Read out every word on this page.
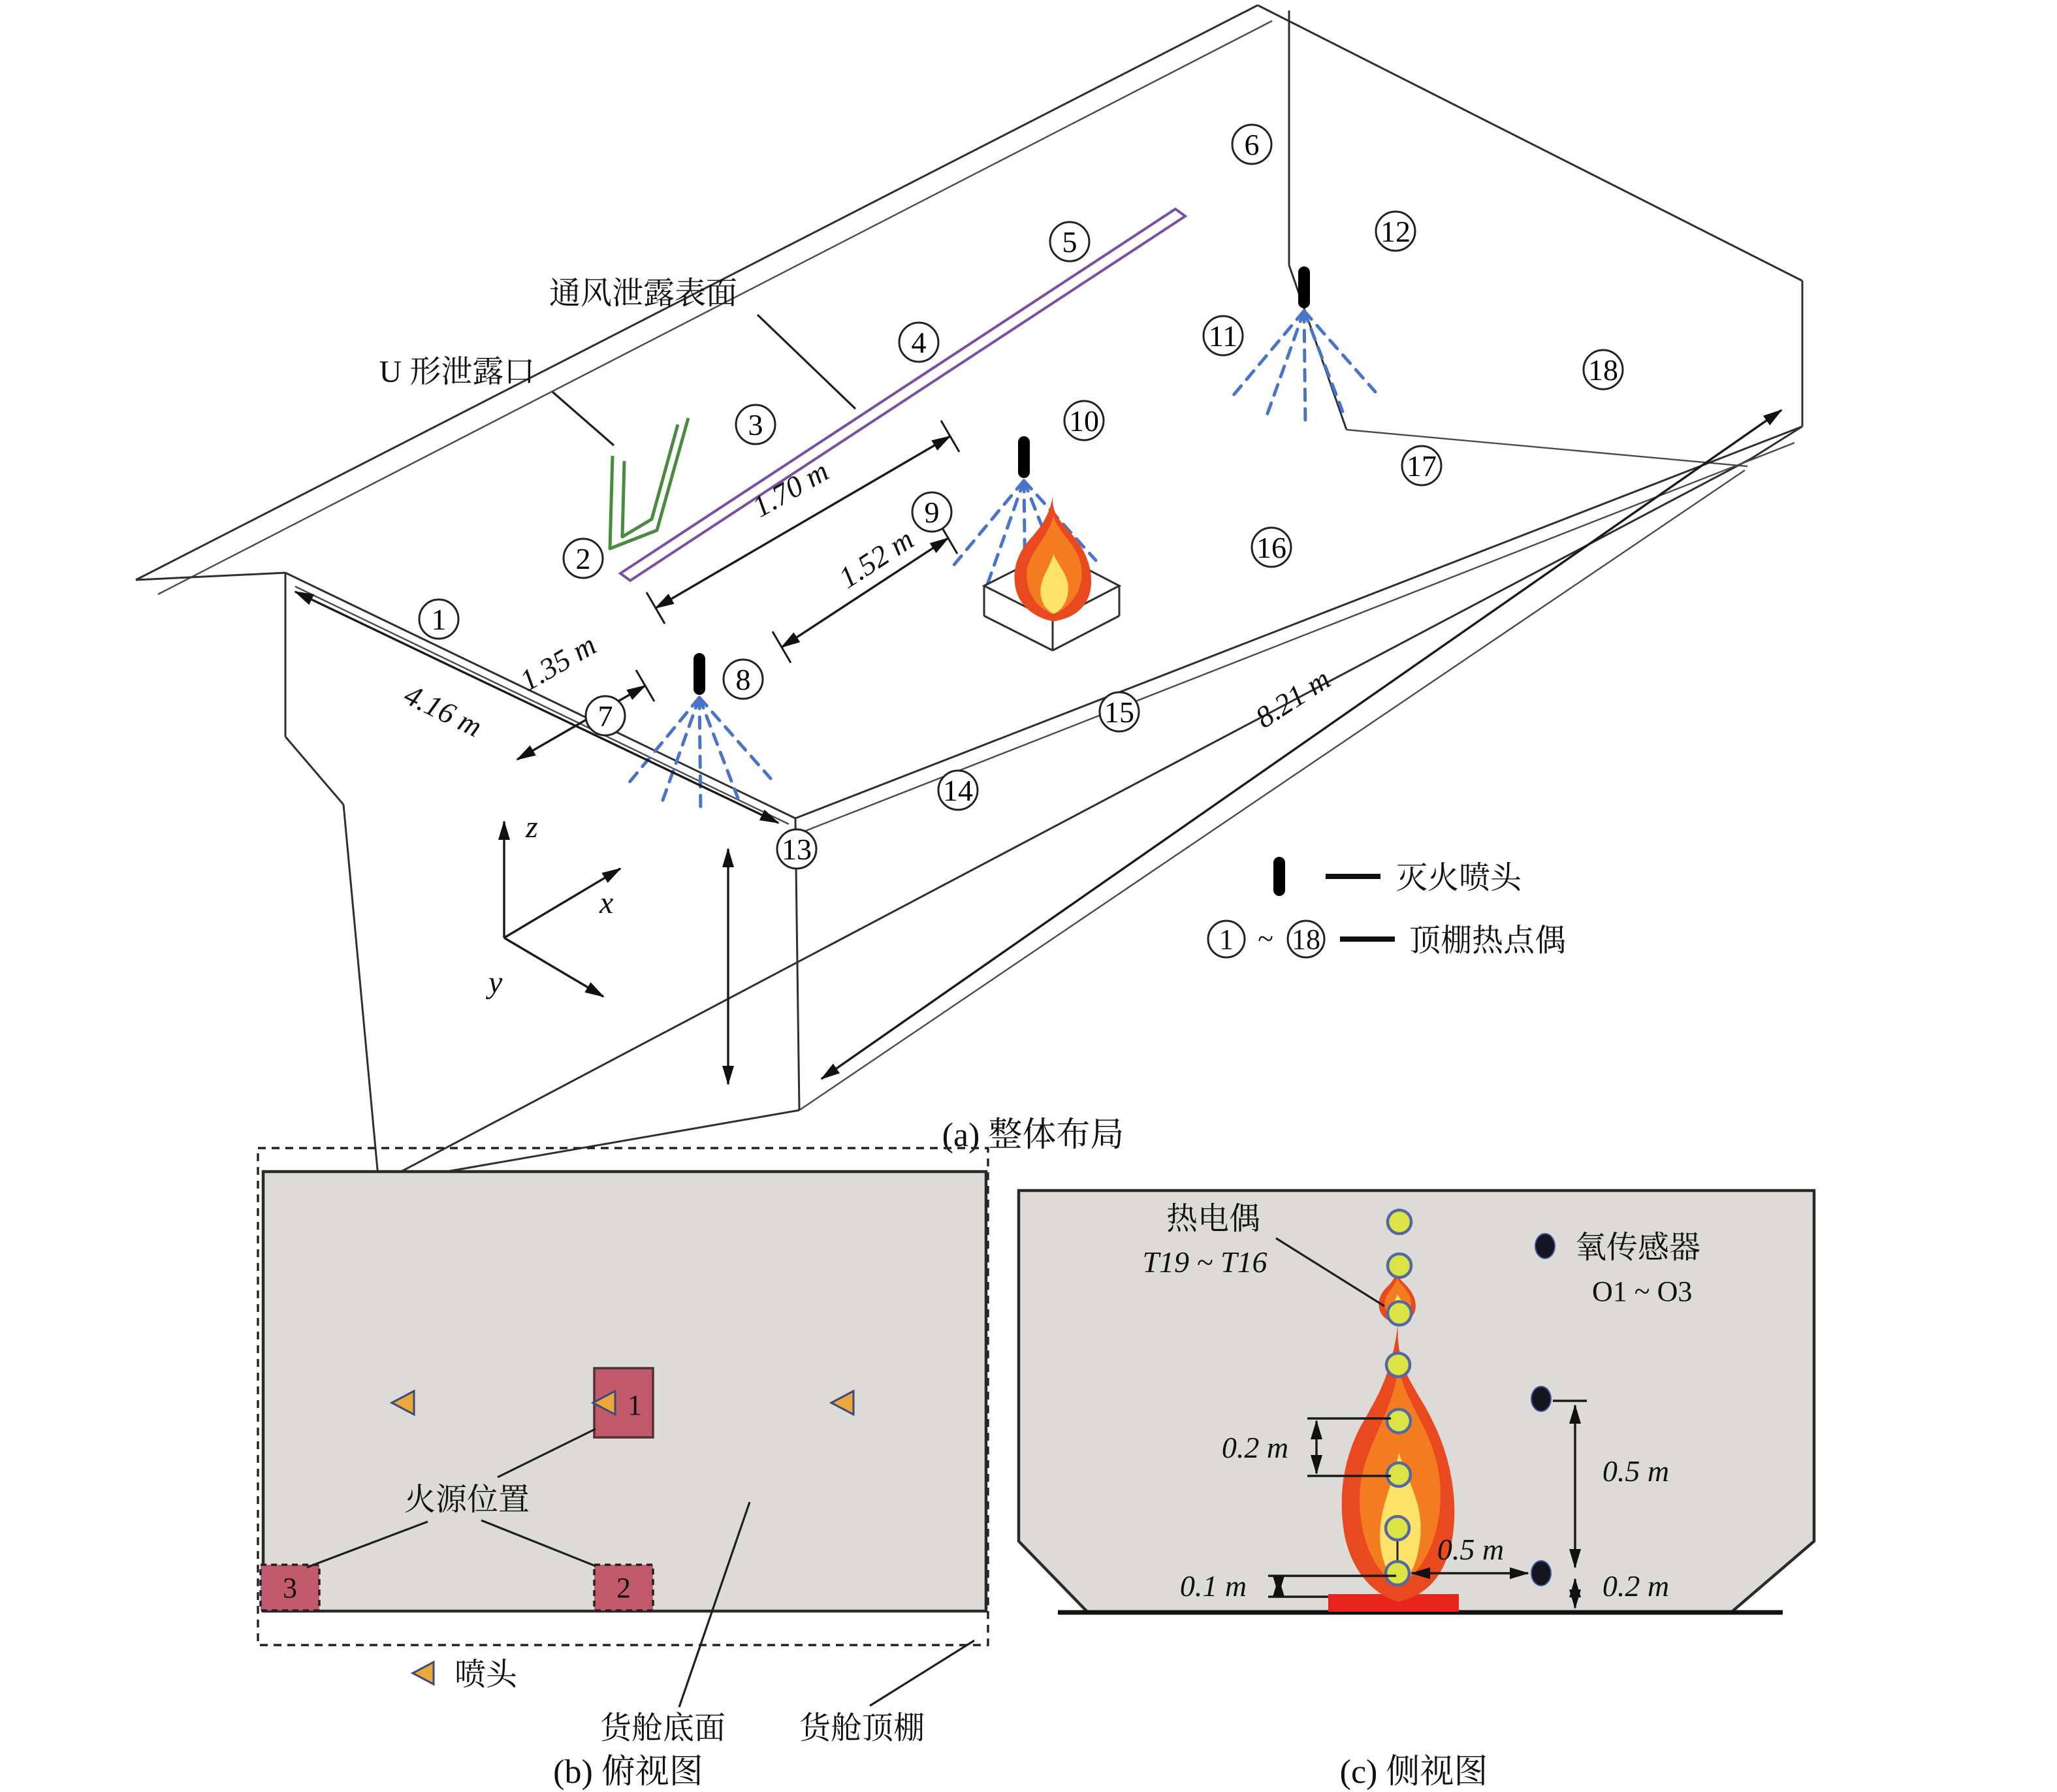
通风泄露表面
U 形泄露口
1.70 m
1.52 m
1.35 m
4.16 m	8.21 m
z
x
y
1
2
3
4
5
6
7
8
9
10
11
12
13
14
15
16
17
18
灭火喷头
1 ~ 18	顶棚热点偶
(a) 整体布局
1
2
3
火源位置
喷头
货舱底面 货舱顶棚
(b) 俯视图
热电偶
T19 ~ T16	氧传感器
O1 ~ O3
0.2 m
0.5 m
0.5 m
0.2 m
0.1 m
(c) 侧视图
